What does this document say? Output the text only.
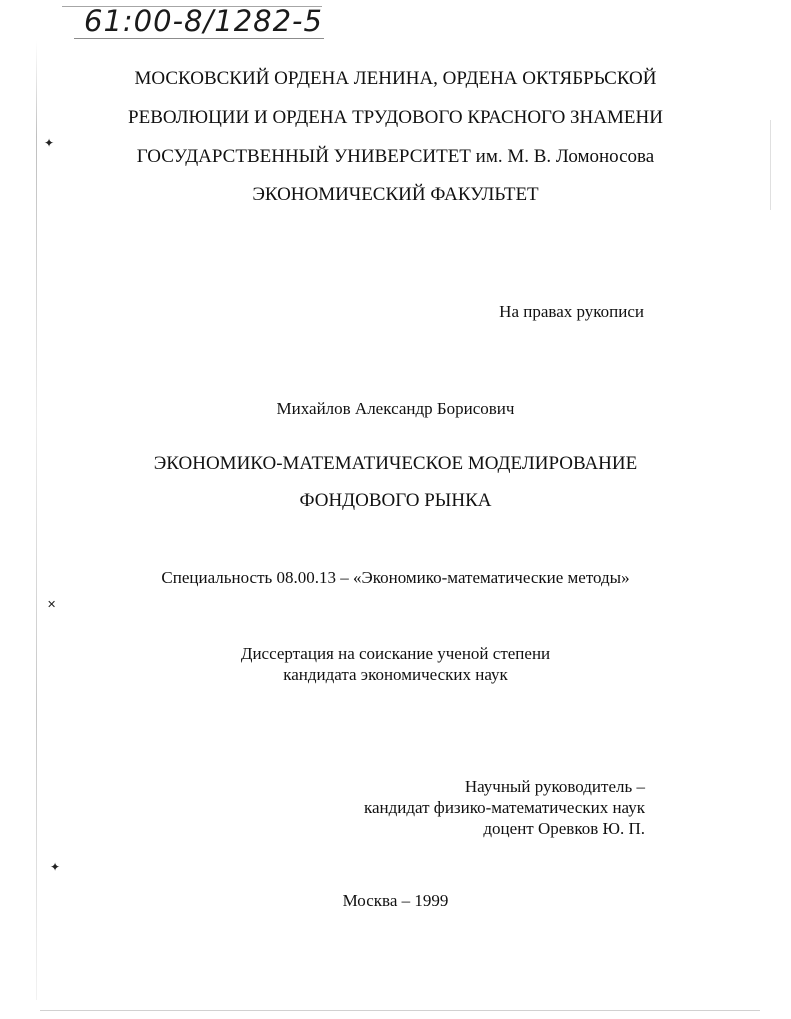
✦
✕
✦
61:00-8/1282-5
МОСКОВСКИЙ ОРДЕНА ЛЕНИНА, ОРДЕНА ОКТЯБРЬСКОЙ
РЕВОЛЮЦИИ И ОРДЕНА ТРУДОВОГО КРАСНОГО ЗНАМЕНИ
ГОСУДАРСТВЕННЫЙ УНИВЕРСИТЕТ им. М. В. Ломоносова
ЭКОНОМИЧЕСКИЙ ФАКУЛЬТЕТ
На правах рукописи
Михайлов Александр Борисович
ЭКОНОМИКО-МАТЕМАТИЧЕСКОЕ МОДЕЛИРОВАНИЕ
ФОНДОВОГО РЫНКА
Специальность 08.00.13 – «Экономико-математические методы»
Диссертация на соискание ученой степени
кандидата экономических наук
Научный руководитель –
кандидат физико-математических наук
доцент Оревков Ю. П.
Москва – 1999
